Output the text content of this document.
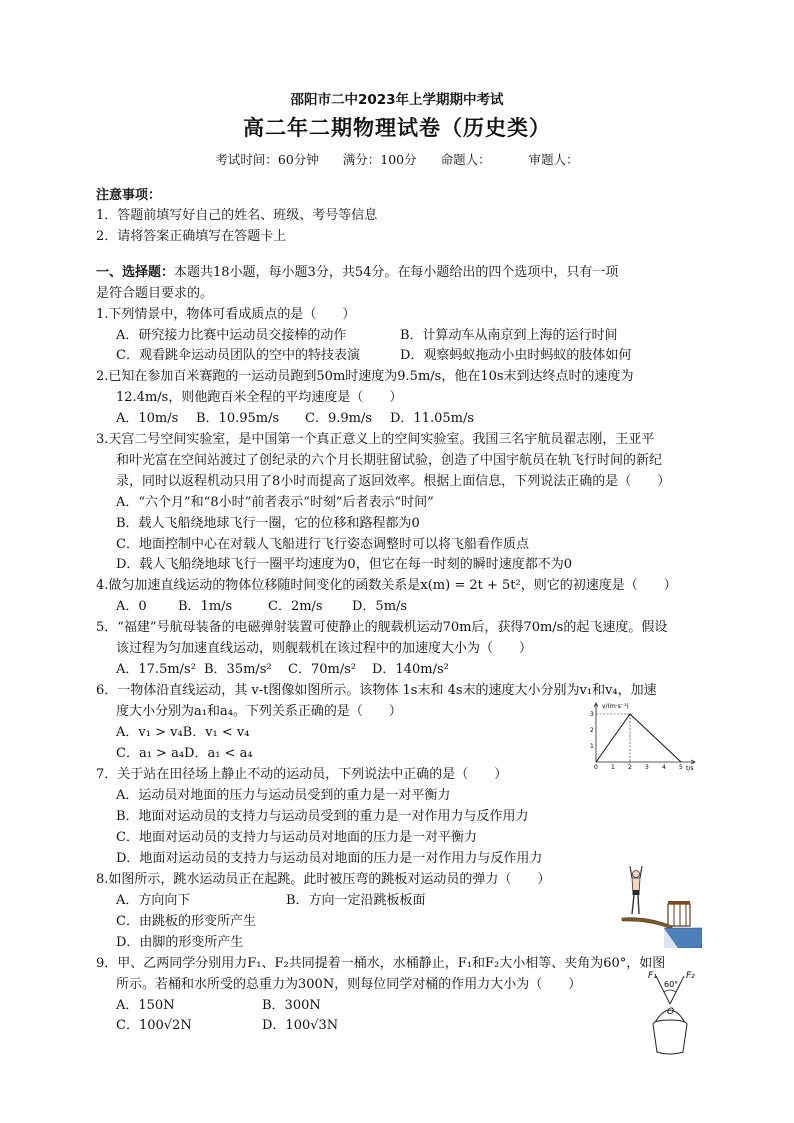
邵阳市二中2023年上学期期中考试
高二年二期物理试卷（历史类）
考试时间：60分钟 满分：100分 命题人：	审题人：
注意事项：
1．答题前填写好自己的姓名、班级、考号等信息
2．请将答案正确填写在答题卡上
一、选择题：本题共18小题，每小题3分，共54分。在每小题给出的四个选项中，只有一项
是符合题目要求的。
1.下列情景中，物体可看成质点的是（　　）
A．研究接力比赛中运动员交接棒的动作	B．计算动车从南京到上海的运行时间
C．观看跳伞运动员团队的空中的特技表演	D．观察蚂蚁拖动小虫时蚂蚁的肢体如何
2.已知在参加百米赛跑的一运动员跑到50m时速度为9.5m/s，他在10s末到达终点时的速度为
12.4m/s，则他跑百米全程的平均速度是（　　）
A．10m/s B．10.95m/s C．9.9m/s D．11.05m/s
3.天宫二号空间实验室，是中国第一个真正意义上的空间实验室。我国三名宇航员翟志刚，王亚平
和叶光富在空间站渡过了创纪录的六个月长期驻留试验，创造了中国宇航员在轨飞行时间的新纪
录，同时以返程机动只用了8小时而提高了返回效率。根据上面信息，下列说法正确的是（　　）
A．“六个月”和“8小时”前者表示“时刻”后者表示“时间”
B．载人飞船绕地球飞行一圈，它的位移和路程都为0
C．地面控制中心在对载人飞船进行飞行姿态调整时可以将飞船看作质点
D．载人飞船绕地球飞行一圈平均速度为0，但它在每一时刻的瞬时速度都不为0
4.做匀加速直线运动的物体位移随时间变化的函数关系是x(m) = 2t + 5t²，则它的初速度是（　　）
A．0 B．1m/s	C．2m/s D．5m/s
5．“福建”号航母装备的电磁弹射装置可使静止的舰载机运动70m后，获得70m/s的起飞速度。假设
该过程为匀加速直线运动，则舰载机在该过程中的加速度大小为（　　）
A．17.5m/s² B．35m/s² C．70m/s² D．140m/s²
6．一物体沿直线运动，其 v-t图像如图所示。该物体 1s末和 4s末的速度大小分别为v₁和v₄，加速
度大小分别为a₁和a₄。下列关系正确的是（　　）
A．v₁ > v₄B．v₁ < v₄
C．a₁ > a₄D．a₁ < a₄
v/(m·s⁻¹)
t/s
0 1 2 3 4 5
1
2
3
7．关于站在田径场上静止不动的运动员，下列说法中正确的是（　　）
A．运动员对地面的压力与运动员受到的重力是一对平衡力
B．地面对运动员的支持力与运动员受到的重力是一对作用力与反作用力
C．地面对运动员的支持力与运动员对地面的压力是一对平衡力
D．地面对运动员的支持力与运动员对地面的压力是一对作用力与反作用力
8.如图所示，跳水运动员正在起跳。此时被压弯的跳板对运动员的弹力（　　）
A．方向向下	B．方向一定沿跳板板面
C．由跳板的形变所产生
D．由脚的形变所产生
9．甲、乙两同学分别用力F₁、F₂共同提着一桶水，水桶静止，F₁和F₂大小相等、夹角为60°，如图
所示。若桶和水所受的总重力为300N，则每位同学对桶的作用力大小为（　　）
A．150N	B．300N
C．100√2N	D．100√3N
F₁	F₂
60°
O
